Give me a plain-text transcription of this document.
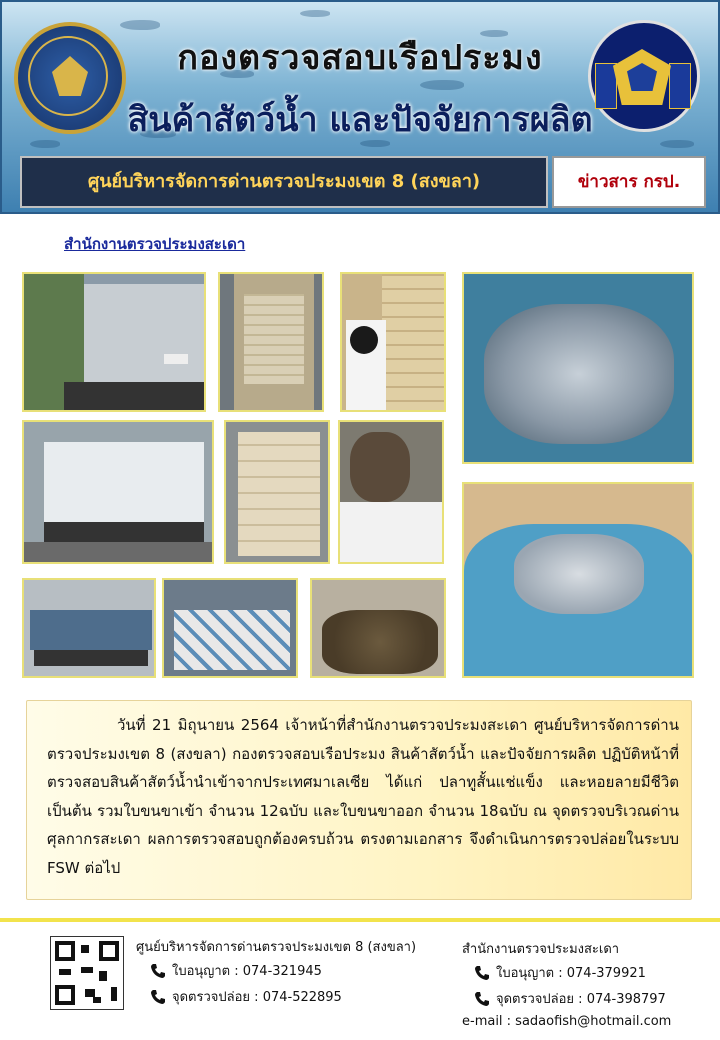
กองตรวจสอบเรือประมง
สินค้าสัตว์น้ำ และปัจจัยการผลิต
ศูนย์บริหารจัดการด่านตรวจประมงเขต 8 (สงขลา)	ข่าวสาร กรป.
สำนักงานตรวจประมงสะเดา

วันที่ 21 มิถุนายน 2564 เจ้าหน้าที่สำนักงานตรวจประมงสะเดา ศูนย์บริหารจัดการด่านตรวจประมงเขต 8 (สงขลา) กองตรวจสอบเรือประมง สินค้าสัตว์น้ำ และปัจจัยการผลิต ปฏิบัติหน้าที่ตรวจสอบสินค้าสัตว์น้ำนำเข้าจากประเทศมาเลเซีย ได้แก่ ปลาทูสั้นแช่แข็ง และหอยลายมีชีวิต เป็นต้น รวมใบขนขาเข้า จำนวน 12ฉบับ และใบขนขาออก จำนวน 18ฉบับ ณ จุดตรวจบริเวณด่านศุลกากรสะเดา ผลการตรวจสอบถูกต้องครบถ้วน ตรงตามเอกสาร จึงดำเนินการตรวจปล่อยในระบบ FSW ต่อไป

ศูนย์บริหารจัดการด่านตรวจประมงเขต 8 (สงขลา)
ใบอนุญาต : 074-321945
จุดตรวจปล่อย : 074-522895
สำนักงานตรวจประมงสะเดา
ใบอนุญาต : 074-379921
จุดตรวจปล่อย : 074-398797
e-mail : sadaofish@hotmail.com
